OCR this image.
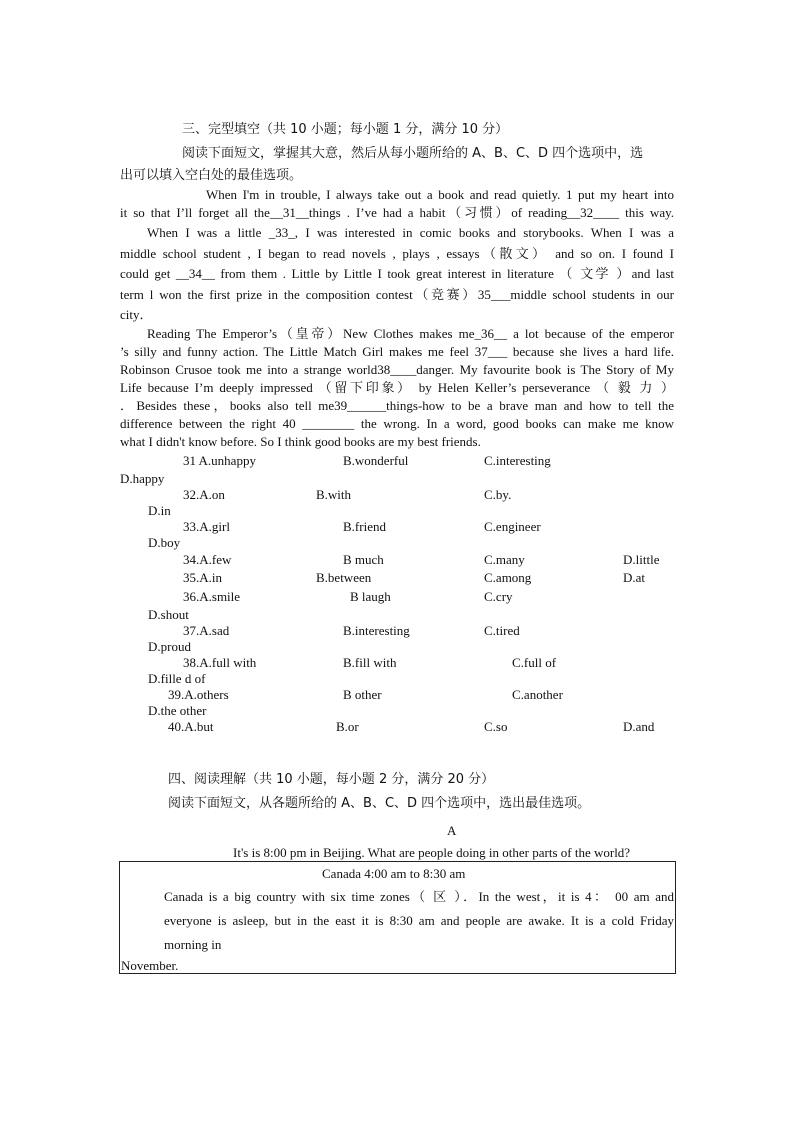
三、完型填空（共 10 小题；每小题 1 分，满分 10 分）
阅读下面短文，掌握其大意，然后从每小题所给的 A、B、C、D 四个选项中，选
出可以填入空白处的最佳选项。
When I'm in trouble, I always take out a book and read quietly. 1 put my heart into
it so that I’ll forget all the__31__things . I’ve had a habit（习惯）of reading__32____ this way.
When I was a little _33_, I was interested in comic books and storybooks. When I was a
middle school student , I began to read novels , plays , essays（散文） and so on. I found I
could get __34__ from them . Little by Little I took great interest in literature （ 文学 ）and last
term l won the first prize in the composition contest（竞赛）35___middle school students in our
city．
Reading The Emperor’s（皇帝）New Clothes makes me_36__ a lot because of the emperor
’s silly and funny action. The Little Match Girl makes me feel 37___ because she lives a hard life.
Robinson Crusoe took me into a strange world38____danger. My favourite book is The Story of My
Life because I’m deeply impressed （留下印象） by Helen Keller’s perseverance （ 毅 力 ）
．Besides these，books also tell me39______things-how to be a brave man and how to tell the
difference between the right 40 ________ the wrong. In a word, good books can make me know
what I didn't know before. So I think good books are my best friends.
31 A.unhappy	B.wonderful	C.interesting
D.happy
32.A.on	B.with	C.by.
D.in
33.A.girl	B.friend	C.engineer
D.boy
34.A.few	B much	C.many	D.little
35.A.in	B.between	C.among	D.at
36.A.smile	B laugh	C.cry
D.shout
37.A.sad	B.interesting	C.tired
D.proud
38.A.full with	B.fill with	C.full of
D.fille d of
39.A.others	B other	C.another
D.the other
40.A.but	B.or	C.so	D.and
四、阅读理解（共 10 小题，每小题 2 分，满分 20 分）
阅读下面短文，从各题所给的 A、B、C、D 四个选项中，选出最佳选项。
A
It's is 8:00 pm in Beijing. What are people doing in other parts of the world?
Canada 4:00 am to 8:30 am
Canada is a big country with six time zones（ 区 ）．In the west，it is 4： 00 am and
everyone is asleep, but in the east it is 8:30 am and people are awake. It is a cold Friday
morning in
November.
